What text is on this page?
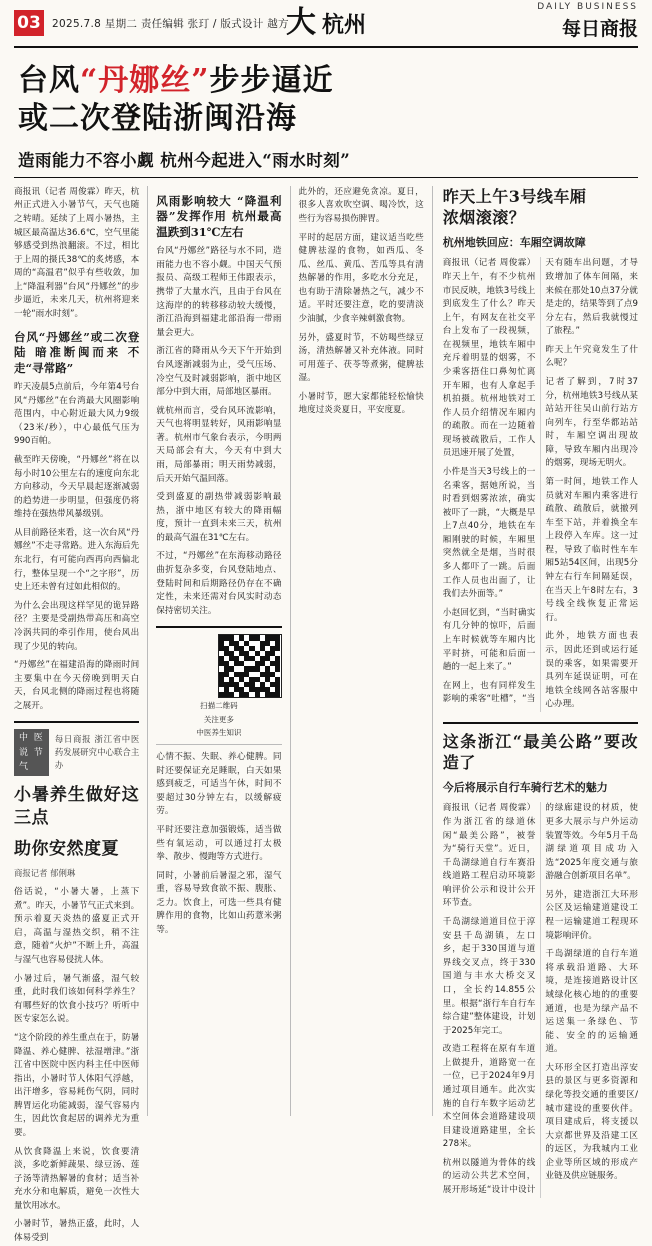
03	2025.7.8 星期二 责任编辑 张玎 / 版式设计 越方
大 杭州
DAILY BUSINESS
每日商报
台风“丹娜丝”步步逼近
或二次登陆浙闽沿海
造雨能力不容小觑 杭州今起进入“雨水时刻”

商报讯（记者 周俊霖）昨天，杭州正式进入小暑节气，天气也随之转晴。延续了上周小暑热，主城区最高温达36.6℃，空气里能够感受到热浪翻滚。不过，相比于上周的摄氏38℃的炙烤感，本周的“高温君”似乎有些收敛，加上“降温利器”台风“丹娜丝”的步步逼近，未来几天，杭州将迎来一轮“雨水时刻”。

台风“丹娜丝”或二次登陆 暗准断闽而来 不走“寻常路”

昨天凌晨5点前后，今年第4号台风“丹娜丝”在台湾最大风圈影响范围内，中心附近最大风力9级（23米/秒），中心最低气压为990百帕。

截至昨天傍晚，“丹娜丝”将在以每小时10公里左右的速度向东北方向移动，今天早晨起逐渐减弱的趋势进一步明显，但强度仍将维持在强热带风暴级别。

从目前路径来看，这一次台风“丹娜丝”不走寻常路。进入东海后先东北行，有可能向西再向西偏北行，整体呈现一个“之字形”，历史上还未曾有过如此相似的。

为什么会出现这样罕见的诡异路径？主要是受副热带高压和高空冷涡共同的牵引作用，使台风出现了少见的转向。

“丹娜丝”在福建沿海的降雨时间主要集中在今天傍晚到明天白天，台风北侧的降雨过程也将随之展开。

中医说节气
每日商报 浙江省中医药发展研究中心联合主办
小暑养生做好这三点
助你安然度夏
商报记者 郁俐琳

俗话说，“小暑大暑，上蒸下煮”。昨天，小暑节气正式来到。预示着夏天炎热的盛夏正式开启，高温与湿热交织，稍不注意，随着“火炉”不断上升，高温与湿气也容易侵扰人体。

小暑过后，暑气渐盛，湿气较重，此时我们该如何科学养生？有哪些好的饮食小技巧？听听中医专家怎么说。

“这个阶段的养生重点在于，防暑降温、养心健脾、祛湿增津。”浙江省中医院中医内科主任中医师指出，小暑时节人体阳气浮越，出汗增多，容易耗伤气阴，同时脾胃运化功能减弱，湿气容易内生，因此饮食起居的调养尤为重要。

从饮食降温上来说，饮食要清淡，多吃新鲜蔬果、绿豆汤、莲子汤等清热解暑的食材；适当补充水分和电解质，避免一次性大量饮用冰水。

小暑时节，暑热正盛，此时，人体易受到

风雨影响较大 “降温利器”发挥作用 杭州最高温跌到31℃左右

台风“丹娜丝”路径与水不同，造雨能力也不容小觑。中国天气预报员、高级工程师王伟跟表示，携带了大量水汽，且由于台风在这海岸的的转移移动较大缓慢，浙江沿海到福建北部沿海一带雨量会更大。

浙江省的降雨从今天下午开始到台风逐渐减弱为止，受气压场、冷空气及时减弱影响，浙中地区部分中到大雨，局部地区暴雨。

就杭州而言，受台风环流影响，天气也将明显转好，风雨影响显著。杭州市气象台表示，今明两天局部会有大，今天有中到大雨，局部暴雨；明天雨势减弱，后天开始气温回落。

受到盛夏的副热带减弱影响最热，浙中地区有较大的降雨幅度，预计一直到未来三天，杭州的最高气温在31℃左右。

不过，“丹娜丝”在东海移动路径曲折复杂多变，台风登陆地点、登陆时间和后期路径仍存在不确定性，未来还需对台风实时动态保持密切关注。

扫描二维码
关注更多
中医养生知识

心情不振、失眠、养心健脾。同时还要保证充足睡眠，白天如果感到疲乏，可适当午休，时间不要超过30分钟左右，以缓解疲劳。

平时还要注意加强锻炼，适当做些有氧运动，可以通过打太极拳、散步、慢跑等方式进行。

同时，小暑前后暑湿之邪，湿气重，容易导致食欲不振、腹胀、乏力。饮食上，可选一些具有健脾作用的食物，比如山药薏米粥等。

此外的，还应避免贪凉。夏日，很多人喜欢吹空调、喝冷饮，这些行为容易损伤脾胃。

平时的起居方面，建议适当吃些健脾祛湿的食物，如西瓜、冬瓜、丝瓜、黄瓜、苦瓜等具有清热解暑的作用，多吃水分充足，也有助于清除暑热之气，减少不适。平时还要注意，吃的要清淡少油腻，少食辛辣刺激食物。

另外，盛夏时节，不妨喝些绿豆汤，清热解暑又补充体液。同时可用莲子、茯苓等煮粥，健脾祛湿。

小暑时节，愿大家都能轻松愉快地度过炎炎夏日，平安度夏。

昨天上午3号线车厢
浓烟滚滚？
杭州地铁回应：车厢空调故障

商报讯（记者 周俊霖）昨天上午，有不少杭州市民反映，地铁3号线上到底发生了什么？昨天上午，有网友在社交平台上发布了一段视频，在视频里，地铁车厢中充斥着明显的烟雾，不少乘客捂住口鼻匆忙离开车厢，也有人拿起手机拍摄。杭州地铁对工作人员介绍情况车厢内的疏散。而在一边随着现场被疏散后，工作人员迅速开展了处置，

小件是当天3号线上的一名乘客，据她所说，当时看到烟雾浓浓，确实被吓了一跳，“大概是早上7点40分，地铁在车厢刚驶的时候，车厢里突然就全是烟，当时很多人都吓了一跳。后面工作人员也出面了，让我们去外面等。”

小赵回忆到，“当时确实有几分钟的惊吓，后面上车时候就等车厢内比平时挤，可能和后面一趟的一起上来了。”

在网上，也有同样发生影响的乘客“吐槽”，“当天有随车出问题，才导致增加了体车间隔，来来候在那处10点37分就是走的，结果等到了点9分左右，然后我就慢过了旅程。”

昨天上午究竟发生了什么呢？

记者了解到，7时37分，杭州地铁3号线从某站站开往吴山前行站方向列车，行至华都站站时，车厢空调出现故障，导致车厢内出现冷的烟雾，现场无明火。

第一时间，地铁工作人员就对车厢内乘客进行疏散、疏散后，就撤列车至下站，并着换全车上段停入车库。这一过程，导致了临时性车车厢5站54区间，出现5分钟左右行车间隔延误，在当天上午8时左右，3号线全线恢复正常运行。

此外，地铁方面也表示，因此还到或运行延误的乘客，如果需要开具列车延误证明，可在地铁全线网各站客服中心办理。

这条浙江“最美公路”要改造了
今后将展示自行车骑行艺术的魅力

商报讯（记者 周俊霖）作为浙江省的绿道休闲“最美公路”，被誉为“骑行天堂”。近日，千岛湖绿道自行车赛沿线道路工程启动环境影响评价公示和设计公开环节查。

千岛湖绿道道目位于淳安县千岛湖镇，左口乡，起于330国道与道界线交叉点，终于330国道与丰水大桥交叉口，全长约14.855公里。根据“浙行车自行车综合建”整体建设，计划于2025年完工。

改造工程将在原有车道上做提升，道路宽一在一位，已于2024年9月通过项目通车。此次实施的自行车数字运动艺术空间体会道路建设项目建设道路建里，全长278米。

杭州以隧道为骨体的线的运动公共艺术空间，展开形场延“设计中设计的绿廊建设的材质，使更多大展示与户外运动装置等效。今年5月千岛湖绿道项目成功入选“2025年度交通与旅游融合创新项目名单”。

另外，建造浙江大环形公区及运输建道建设工程一运输建道工程现环境影响评价。

千岛湖绿道的自行车道将承载沿道路、大环境，是连接道路设计区域绿化核心地的的重要通道，也是为绿产品不运送集一条绿色、节能、安全的的运输通道。

大环形全区打造出淳安县的景区与更多资源和绿化等投交通的重要区/城市建设的重要伙伴。项目建成后，将支援以大京都世界及沿建工区的远区，为我城内工业企业等所区域的形成产业链及供应链服务。
